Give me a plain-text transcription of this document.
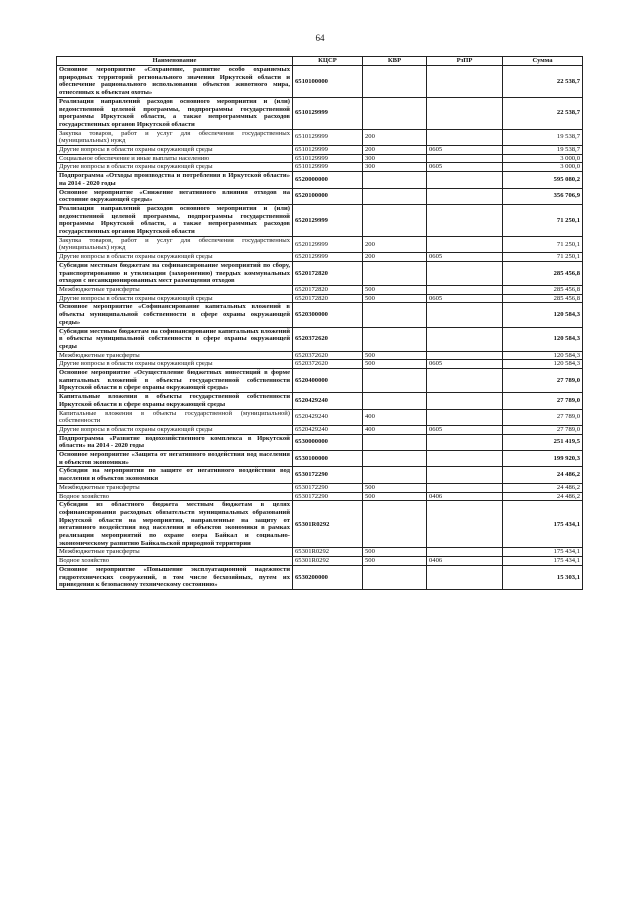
64
Наименование	КЦСР	КВР	РзПР	Сумма
Основное мероприятие «Сохранение, развитие особо охраняемых природных территорий регионального значения Иркутской области и обеспечение рационального использования объектов животного мира, отнесенных к объектам охоты»	6510100000			22 538,7
Реализация направлений расходов основного мероприятия и (или) ведомственной целевой программы, подпрограммы государственной программы Иркутской области, а также непрограммных расходов государственных органов Иркутской области	6510129999			22 538,7
Закупка товаров, работ и услуг для обеспечения государственных (муниципальных) нужд	6510129999	200		19 538,7
Другие вопросы в области охраны окружающей среды	6510129999	200	0605	19 538,7
Социальное обеспечение и иные выплаты населению	6510129999	300		3 000,0
Другие вопросы в области охраны окружающей среды	6510129999	300	0605	3 000,0
Подпрограмма «Отходы производства и потребления в Иркутской области» на 2014 - 2020 годы	6520000000			595 080,2
Основное мероприятие «Снижение негативного влияния отходов на состояние окружающей среды»	6520100000			356 706,9
Реализация направлений расходов основного мероприятия и (или) ведомственной целевой программы, подпрограммы государственной программы Иркутской области, а также непрограммных расходов государственных органов Иркутской области	6520129999			71 250,1
Закупка товаров, работ и услуг для обеспечения государственных (муниципальных) нужд	6520129999	200		71 250,1
Другие вопросы в области охраны окружающей среды	6520129999	200	0605	71 250,1
Субсидии местным бюджетам на софинансирование мероприятий по сбору, транспортированию и утилизации (захоронению) твердых коммунальных отходов с несанкционированных мест размещения отходов	6520172820			285 456,8
Межбюджетные трансферты	6520172820	500		285 456,8
Другие вопросы в области охраны окружающей среды	6520172820	500	0605	285 456,8
Основное мероприятие «Софинансирование капитальных вложений в объекты муниципальной собственности в сфере охраны окружающей среды»	6520300000			120 584,3
Субсидии местным бюджетам на софинансирование капитальных вложений в объекты муниципальной собственности в сфере охраны окружающей среды	6520372620			120 584,3
Межбюджетные трансферты	6520372620	500		120 584,3
Другие вопросы в области охраны окружающей среды	6520372620	500	0605	120 584,3
Основное мероприятие «Осуществление бюджетных инвестиций в форме капитальных вложений в объекты государственной собственности Иркутской области в сфере охраны окружающей среды»	6520400000			27 789,0
Капитальные вложения в объекты государственной собственности Иркутской области в сфере охраны окружающей среды	6520429240			27 789,0
Капитальные вложения в объекты государственной (муниципальной) собственности	6520429240	400		27 789,0
Другие вопросы в области охраны окружающей среды	6520429240	400	0605	27 789,0
Подпрограмма «Развитие водохозяйственного комплекса в Иркутской области» на 2014 - 2020 годы	6530000000			251 419,5
Основное мероприятие «Защита от негативного воздействия вод населения и объектов экономики»	6530100000			199 920,3
Субсидии на мероприятия по защите от негативного воздействия вод населения и объектов экономики	6530172290			24 486,2
Межбюджетные трансферты	6530172290	500		24 486,2
Водное хозяйство	6530172290	500	0406	24 486,2
Субсидии из областного бюджета местным бюджетам в целях софинансирования расходных обязательств муниципальных образований Иркутской области на мероприятия, направленные на защиту от негативного воздействия вод населения и объектов экономики в рамках реализации мероприятий по охране озера Байкал и социально-экономическому развитию Байкальской природной территории	65301R0292			175 434,1
Межбюджетные трансферты	65301R0292	500		175 434,1
Водное хозяйство	65301R0292	500	0406	175 434,1
Основное мероприятие «Повышение эксплуатационной надежности гидротехнических сооружений, в том числе бесхозяйных, путем их приведения к безопасному техническому состоянию»	6530200000			15 303,1
